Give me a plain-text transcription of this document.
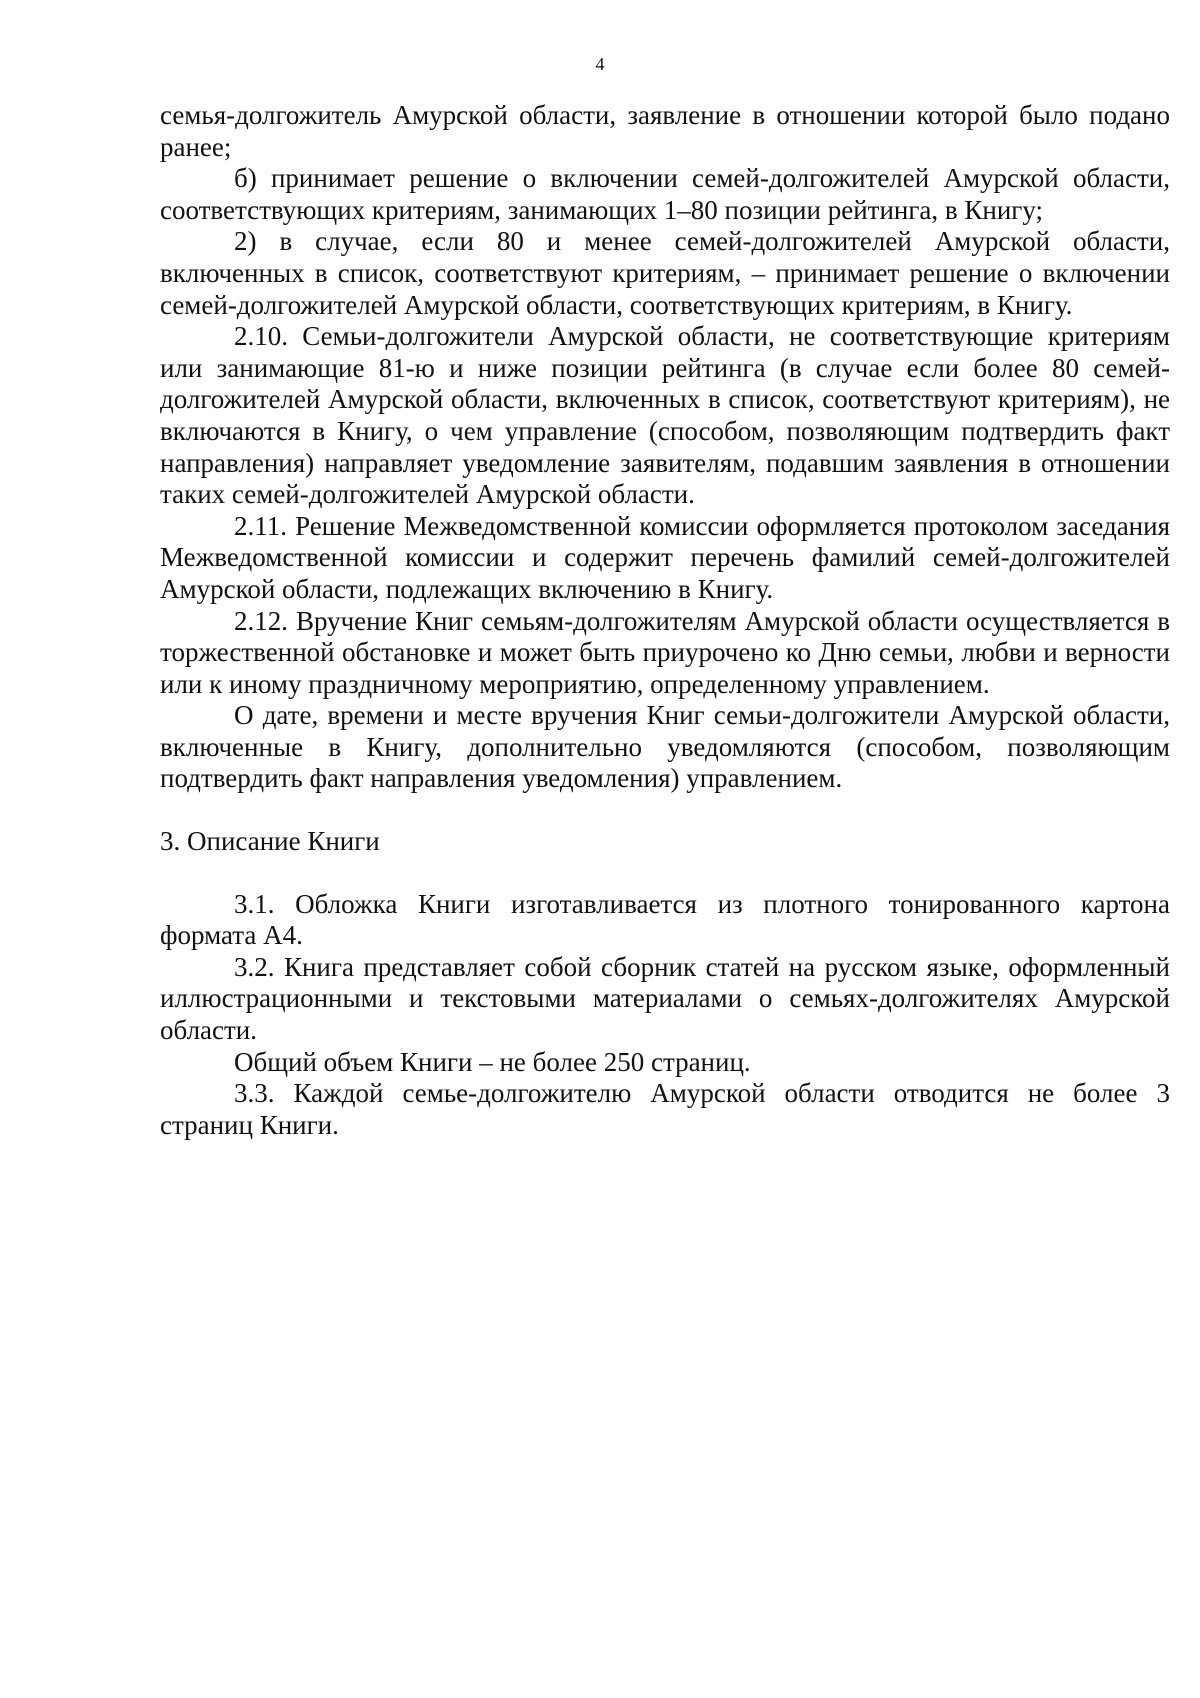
4

семья-долгожитель Амурской области, заявление в отношении которой было подано ранее;

б) принимает решение о включении семей-долгожителей Амурской области, соответствующих критериям, занимающих 1–80 позиции рейтинга, в Книгу;

2) в случае, если 80 и менее семей-долгожителей Амурской области, включенных в список, соответствуют критериям, – принимает решение о включении семей-долгожителей Амурской области, соответствующих критериям, в Книгу.

2.10. Семьи-долгожители Амурской области, не соответствующие критериям или занимающие 81-ю и ниже позиции рейтинга (в случае если более 80 семей-долгожителей Амурской области, включенных в список, соответствуют критериям), не включаются в Книгу, о чем управление (способом, позволяющим подтвердить факт направления) направляет уведомление заявителям, подавшим заявления в отношении таких семей-долгожителей Амурской области.

2.11. Решение Межведомственной комиссии оформляется протоколом заседания Межведомственной комиссии и содержит перечень фамилий семей-долгожителей Амурской области, подлежащих включению в Книгу.

2.12. Вручение Книг семьям-долгожителям Амурской области осуществляется в торжественной обстановке и может быть приурочено ко Дню семьи, любви и верности или к иному праздничному мероприятию, определенному управлением.

О дате, времени и месте вручения Книг семьи-долгожители Амурской области, включенные в Книгу, дополнительно уведомляются (способом, позволяющим подтвердить факт направления уведомления) управлением.

3. Описание Книги

3.1. Обложка Книги изготавливается из плотного тонированного картона формата А4.

3.2. Книга представляет собой сборник статей на русском языке, оформленный иллюстрационными и текстовыми материалами о семьях-долгожителях Амурской области.

Общий объем Книги – не более 250 страниц.

3.3. Каждой семье-долгожителю Амурской области отводится не более 3 страниц Книги.
